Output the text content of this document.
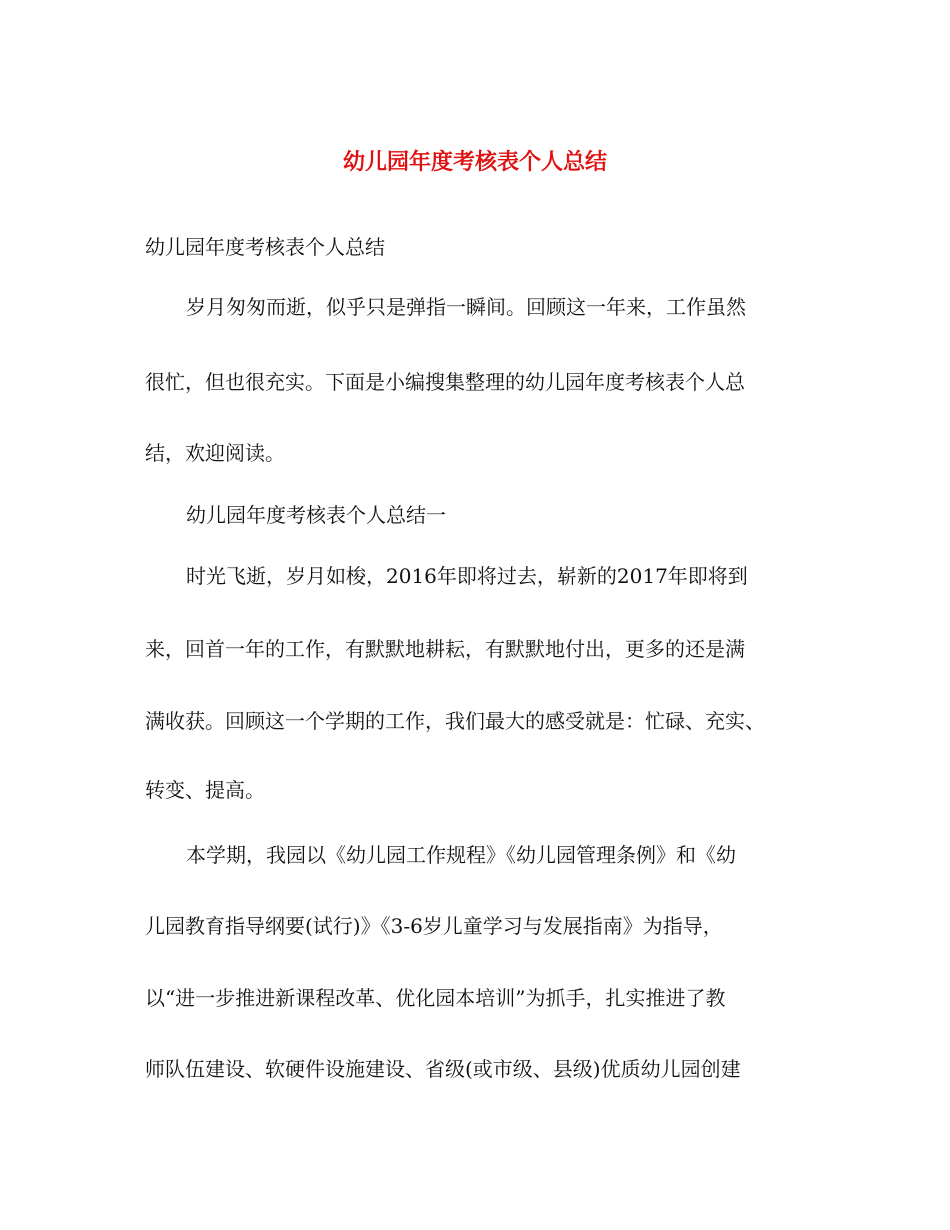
幼儿园年度考核表个人总结
幼儿园年度考核表个人总结
岁月匆匆而逝，似乎只是弹指一瞬间。回顾这一年来，工作虽然
很忙，但也很充实。下面是小编搜集整理的幼儿园年度考核表个人总
结，欢迎阅读。
幼儿园年度考核表个人总结一
时光飞逝，岁月如梭，2016年即将过去，崭新的2017年即将到
来，回首一年的工作，有默默地耕耘，有默默地付出，更多的还是满
满收获。回顾这一个学期的工作，我们最大的感受就是：忙碌、充实、
转变、提高。
本学期，我园以《幼儿园工作规程》《幼儿园管理条例》和《幼
儿园教育指导纲要(试行)》《3-6岁儿童学习与发展指南》为指导，
以“进一步推进新课程改革、优化园本培训”为抓手，扎实推进了教
师队伍建设、软硬件设施建设、省级(或市级、县级)优质幼儿园创建
